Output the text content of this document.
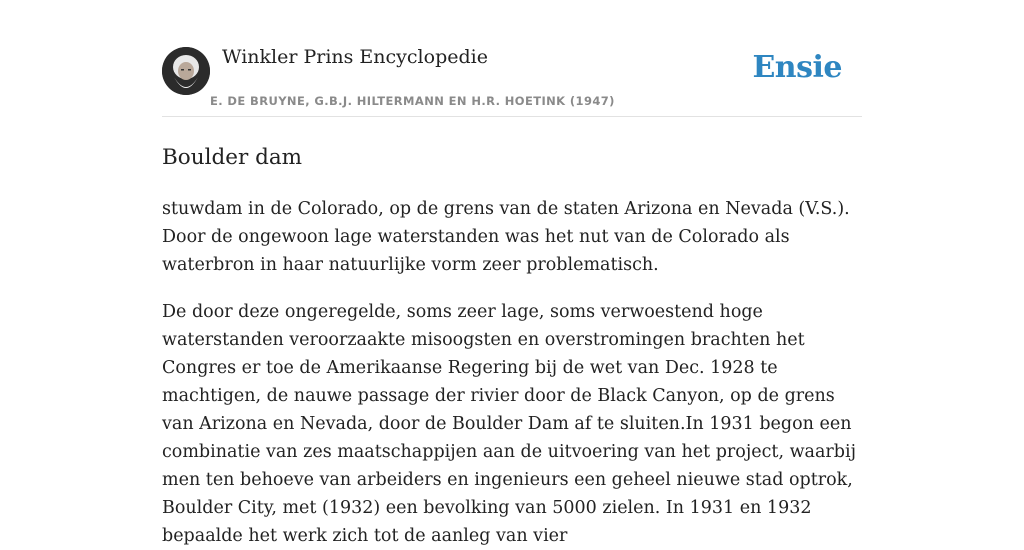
Winkler Prins Encyclopedie
E. DE BRUYNE, G.B.J. HILTERMANN EN H.R. HOETINK (1947)
Ensie
Boulder dam

stuwdam in de Colorado, op de grens van de staten Arizona en Nevada (V.S.). Door de ongewoon lage waterstanden was het nut van de Colorado als waterbron in haar natuurlijke vorm zeer problematisch.

De door deze ongeregelde, soms zeer lage, soms verwoestend hoge waterstanden veroorzaakte misoogsten en overstromingen brachten het Congres er toe de Amerikaanse Regering bij de wet van Dec. 1928 te machtigen, de nauwe passage der rivier door de Black Canyon, op de grens van Arizona en Nevada, door de Boulder Dam af te sluiten.In 1931 begon een combinatie van zes maatschappijen aan de uitvoering van het project, waarbij men ten behoeve van arbeiders en ingenieurs een geheel nieuwe stad optrok, Boulder City, met (1932) een bevolking van 5000 zielen. In 1931 en 1932 bepaalde het werk zich tot de aanleg van vier
